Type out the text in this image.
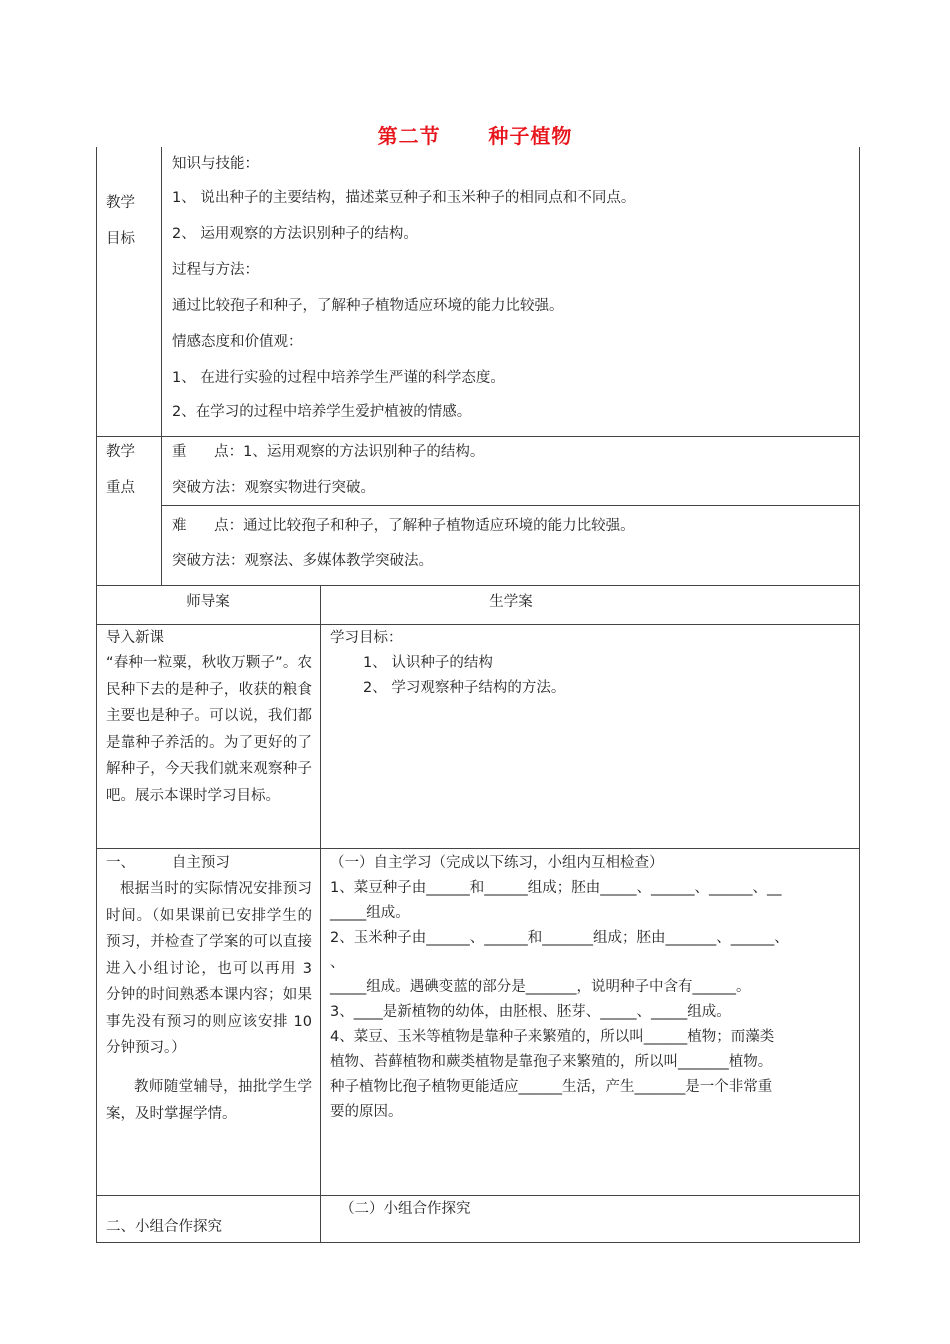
第二节      种子植物
教学
目标
知识与技能：
1、 说出种子的主要结构，描述菜豆种子和玉米种子的相同点和不同点。
2、 运用观察的方法识别种子的结构。
过程与方法：
通过比较孢子和种子，了解种子植物适应环境的能力比较强。
情感态度和价值观：
1、 在进行实验的过程中培养学生严谨的科学态度。
2、在学习的过程中培养学生爱护植被的情感。
教学
重点
重      点：1、运用观察的方法识别种子的结构。
突破方法：观察实物进行突破。
难      点：通过比较孢子和种子，了解种子植物适应环境的能力比较强。
突破方法：观察法、多媒体教学突破法。
师导案	生学案
导入新课
“春种一粒粟，秋收万颗子”。农民种下去的是种子，收获的粮食主要也是种子。可以说，我们都是靠种子养活的。为了更好的了解种子，今天我们就来观察种子吧。展示本课时学习目标。
学习目标：
1、 认识种子的结构
2、 学习观察种子结构的方法。
一、        自主预习
根据当时的实际情况安排预习时间。（如果课前已安排学生的预习，并检查了学案的可以直接进入小组讨论，也可以再用 3 分钟的时间熟悉本课内容；如果事先没有预习的则应该安排 10 分钟预习。）
教师随堂辅导，抽批学生学案，及时掌握学情。
（一）自主学习（完成以下练习，小组内互相检查）
1、菜豆种子由______和______组成；胚由_____、______、______、__
_____组成。
2、玉米种子由______、______和_______组成；胚由_______、______、
、
_____组成。遇碘变蓝的部分是_______，说明种子中含有______。
3、____是新植物的幼体，由胚根、胚芽、_____、_____组成。
4、菜豆、玉米等植物是靠种子来繁殖的，所以叫______植物；而藻类
植物、苔藓植物和蕨类植物是靠孢子来繁殖的，所以叫_______植物。
种子植物比孢子植物更能适应______生活，产生_______是一个非常重
要的原因。
二、小组合作探究
（二）小组合作探究
